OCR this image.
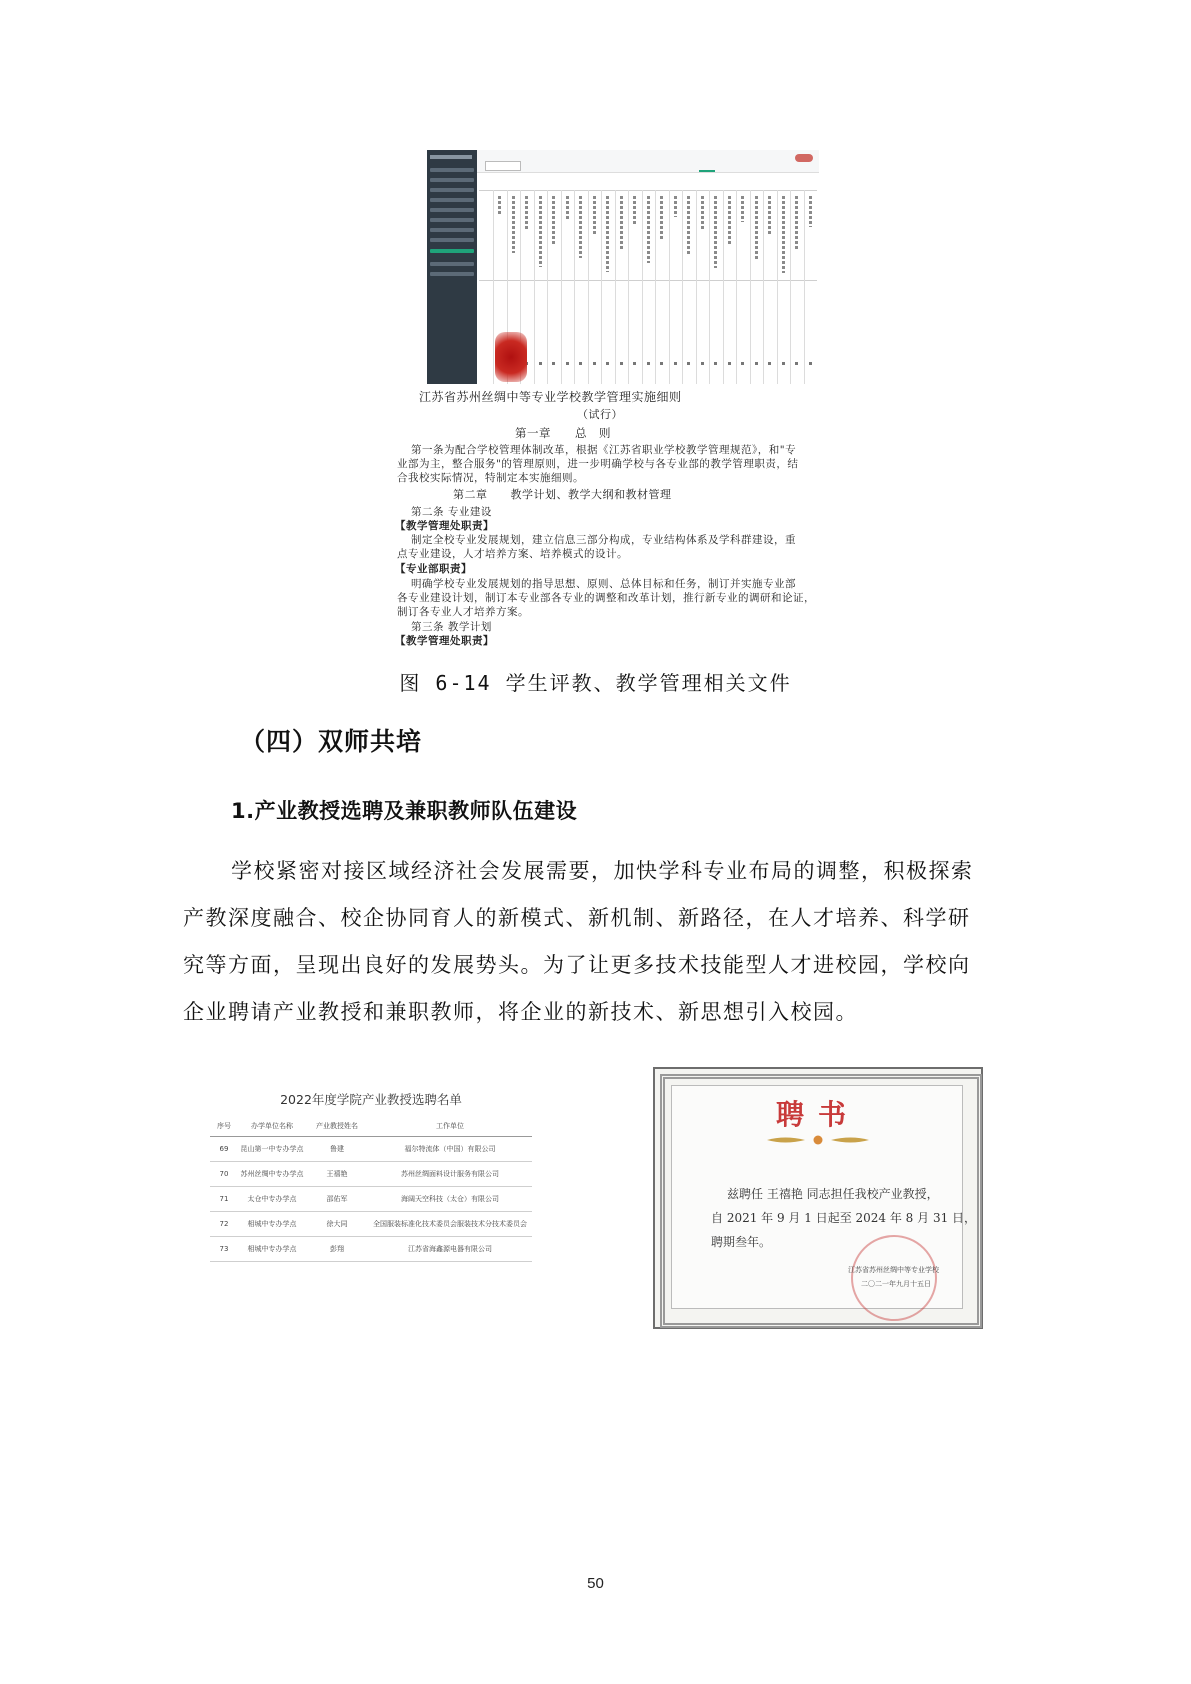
江苏省苏州丝绸中等专业学校教学管理实施细则
（试行）
第一章　　总　则
第一条为配合学校管理体制改革，根据《江苏省职业学校教学管理规范》，和"专
业部为主，整合服务"的管理原则，进一步明确学校与各专业部的教学管理职责，结
合我校实际情况，特制定本实施细则。
第二章　　教学计划、教学大纲和教材管理
第二条 专业建设
【教学管理处职责】
制定全校专业发展规划，建立信息三部分构成，专业结构体系及学科群建设，重
点专业建设，人才培养方案、培养模式的设计。
【专业部职责】
明确学校专业发展规划的指导思想、原则、总体目标和任务，制订并实施专业部
各专业建设计划，制订本专业部各专业的调整和改革计划，推行新专业的调研和论证，
制订各专业人才培养方案。
第三条 教学计划
【教学管理处职责】
图 6-14 学生评教、教学管理相关文件
（四）双师共培
1.产业教授选聘及兼职教师队伍建设
学校紧密对接区域经济社会发展需要，加快学科专业布局的调整，积极探索
产教深度融合、校企协同育人的新模式、新机制、新路径，在人才培养、科学研
究等方面，呈现出良好的发展势头。为了让更多技术技能型人才进校园，学校向
企业聘请产业教授和兼职教师，将企业的新技术、新思想引入校园。
2022年度学院产业教授选聘名单
序号	办学单位名称	产业教授姓名	工作单位
69	昆山第一中专办学点	鲁建	福尔特流体（中国）有限公司
70	苏州丝绸中专办学点	王禧艳	苏州丝绸面料设计服务有限公司
71	太仓中专办学点	邵佑军	海阔天空科技（太仓）有限公司
72	相城中专办学点	徐大同	全国服装标准化技术委员会服装技术分技术委员会
73	相城中专办学点	彭翔	江苏省海鑫源电器有限公司
聘书
兹聘任 王禧艳 同志担任我校产业教授，
自 2021 年 9 月 1 日起至 2024 年 8 月 31 日，
聘期叁年。
江苏省苏州丝绸中等专业学校
二〇二一年九月十五日
50
